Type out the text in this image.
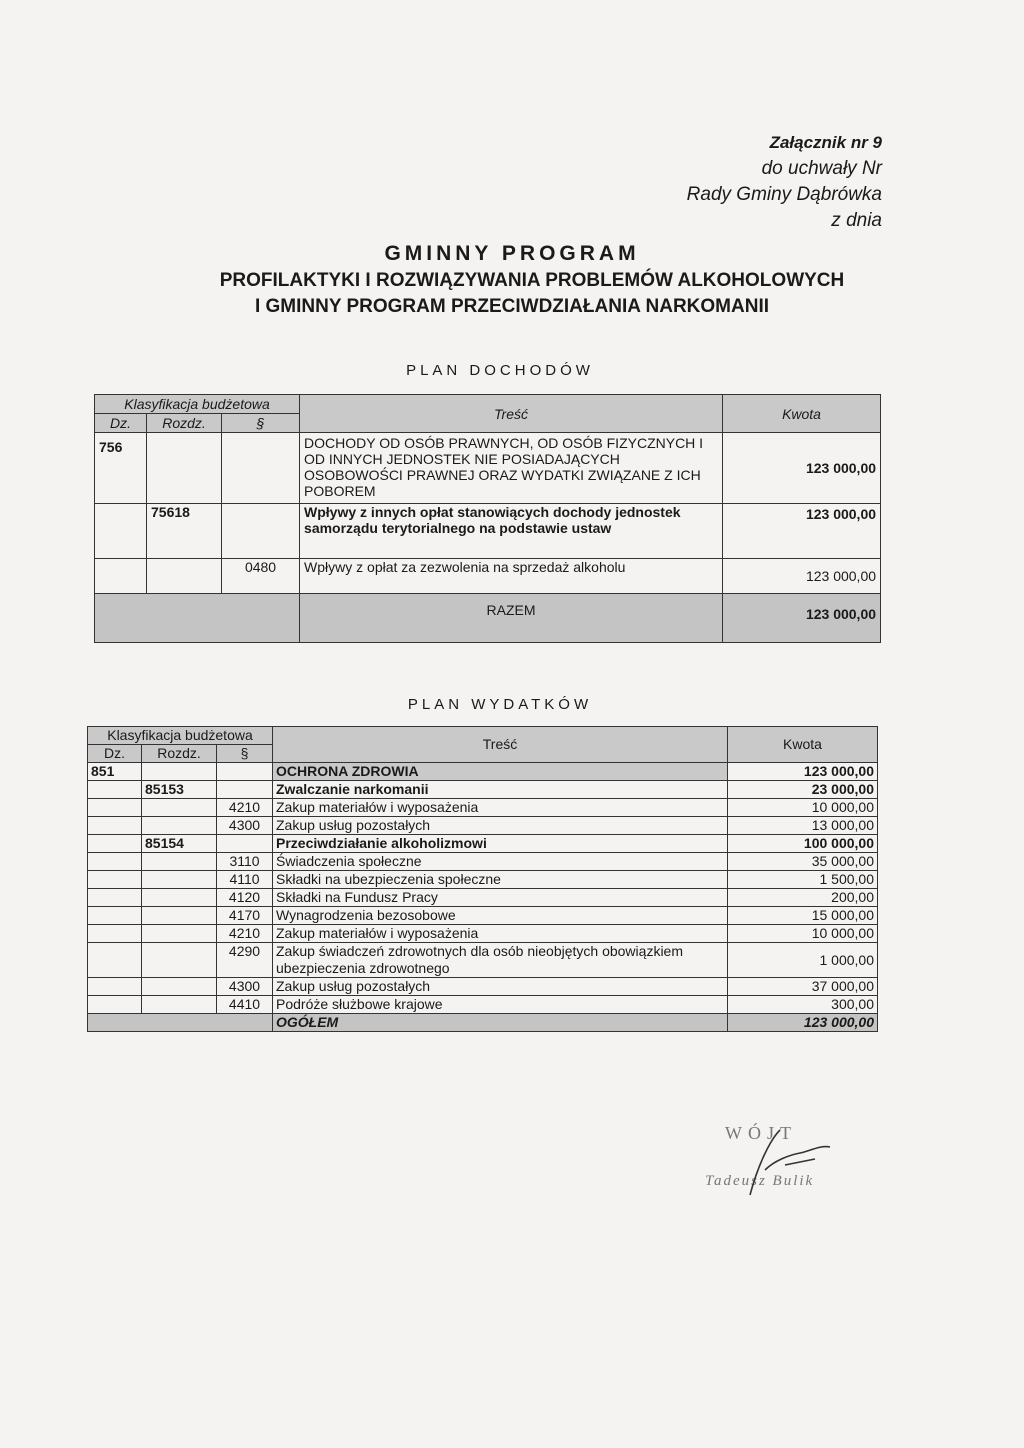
Załącznik nr 9
do uchwały Nr
Rady Gminy Dąbrówka
z dnia
GMINNY PROGRAM
PROFILAKTYKI I ROZWIĄZYWANIA PROBLEMÓW ALKOHOLOWYCH
I GMINNY PROGRAM PRZECIWDZIAŁANIA NARKOMANII
PLAN DOCHODÓW
Klasyfikacja budżetowa			Treść	Kwota
Dz.	Rozdz.	§		
756			DOCHODY OD OSÓB PRAWNYCH, OD OSÓB FIZYCZNYCH I OD INNYCH JEDNOSTEK NIE POSIADAJĄCYCH OSOBOWOŚCI PRAWNEJ ORAZ WYDATKI ZWIĄZANE Z ICH POBOREM	123 000,00
	75618		Wpływy z innych opłat stanowiących dochody jednostek samorządu terytorialnego na podstawie ustaw	123 000,00
		0480	Wpływy z opłat za zezwolenia na sprzedaż alkoholu	123 000,00
			RAZEM	123 000,00
PLAN WYDATKÓW
Klasyfikacja budżetowa			Treść	Kwota
Dz.	Rozdz.	§		
851			OCHRONA ZDROWIA	123 000,00
	85153		Zwalczanie narkomanii	23 000,00
		4210	Zakup materiałów i wyposażenia	10 000,00
		4300	Zakup usług pozostałych	13 000,00
	85154		Przeciwdziałanie alkoholizmowi	100 000,00
		3110	Świadczenia społeczne	35 000,00
		4110	Składki na ubezpieczenia społeczne	1 500,00
		4120	Składki na Fundusz Pracy	200,00
		4170	Wynagrodzenia bezosobowe	15 000,00
		4210	Zakup materiałów i wyposażenia	10 000,00
		4290	Zakup świadczeń zdrowotnych dla osób nieobjętych obowiązkiem ubezpieczenia zdrowotnego	1 000,00
		4300	Zakup usług pozostałych	37 000,00
		4410	Podróże służbowe krajowe	300,00
			OGÓŁEM	123 000,00
WÓJT
Tadeusz Bulik
